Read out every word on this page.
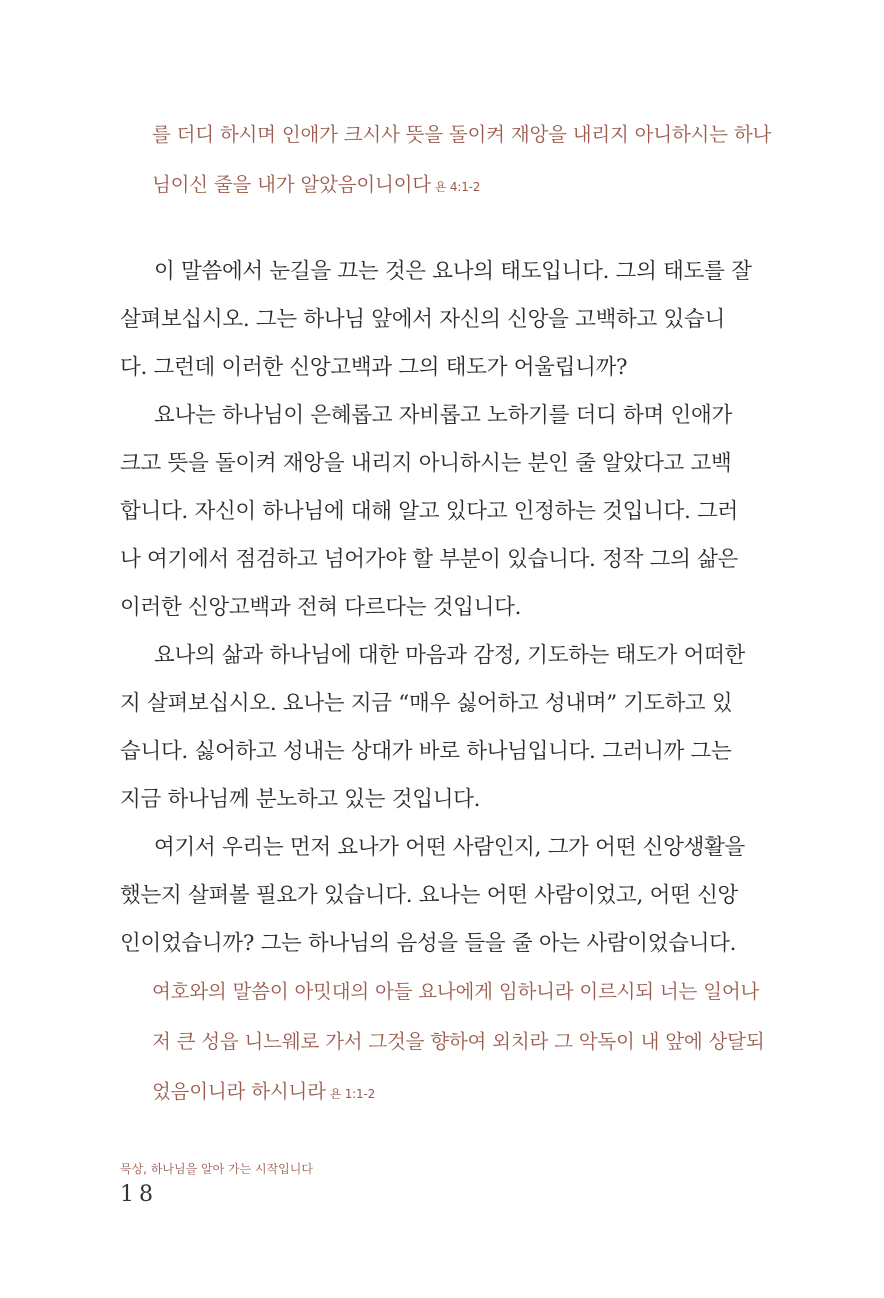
를 더디 하시며 인애가 크시사 뜻을 돌이켜 재앙을 내리지 아니하시는 하나
님이신 줄을 내가 알았음이니이다 욘 4:1-2
이 말씀에서 눈길을 끄는 것은 요나의 태도입니다. 그의 태도를 잘
살펴보십시오. 그는 하나님 앞에서 자신의 신앙을 고백하고 있습니
다. 그런데 이러한 신앙고백과 그의 태도가 어울립니까?
요나는 하나님이 은혜롭고 자비롭고 노하기를 더디 하며 인애가
크고 뜻을 돌이켜 재앙을 내리지 아니하시는 분인 줄 알았다고 고백
합니다. 자신이 하나님에 대해 알고 있다고 인정하는 것입니다. 그러
나 여기에서 점검하고 넘어가야 할 부분이 있습니다. 정작 그의 삶은
이러한 신앙고백과 전혀 다르다는 것입니다.
요나의 삶과 하나님에 대한 마음과 감정, 기도하는 태도가 어떠한
지 살펴보십시오. 요나는 지금 “매우 싫어하고 성내며” 기도하고 있
습니다. 싫어하고 성내는 상대가 바로 하나님입니다. 그러니까 그는
지금 하나님께 분노하고 있는 것입니다.
여기서 우리는 먼저 요나가 어떤 사람인지, 그가 어떤 신앙생활을
했는지 살펴볼 필요가 있습니다. 요나는 어떤 사람이었고, 어떤 신앙
인이었습니까? 그는 하나님의 음성을 들을 줄 아는 사람이었습니다.
여호와의 말씀이 아밋대의 아들 요나에게 임하니라 이르시되 너는 일어나
저 큰 성읍 니느웨로 가서 그것을 향하여 외치라 그 악독이 내 앞에 상달되
었음이니라 하시니라 욘 1:1-2
묵상, 하나님을 알아 가는 시작입니다
18
